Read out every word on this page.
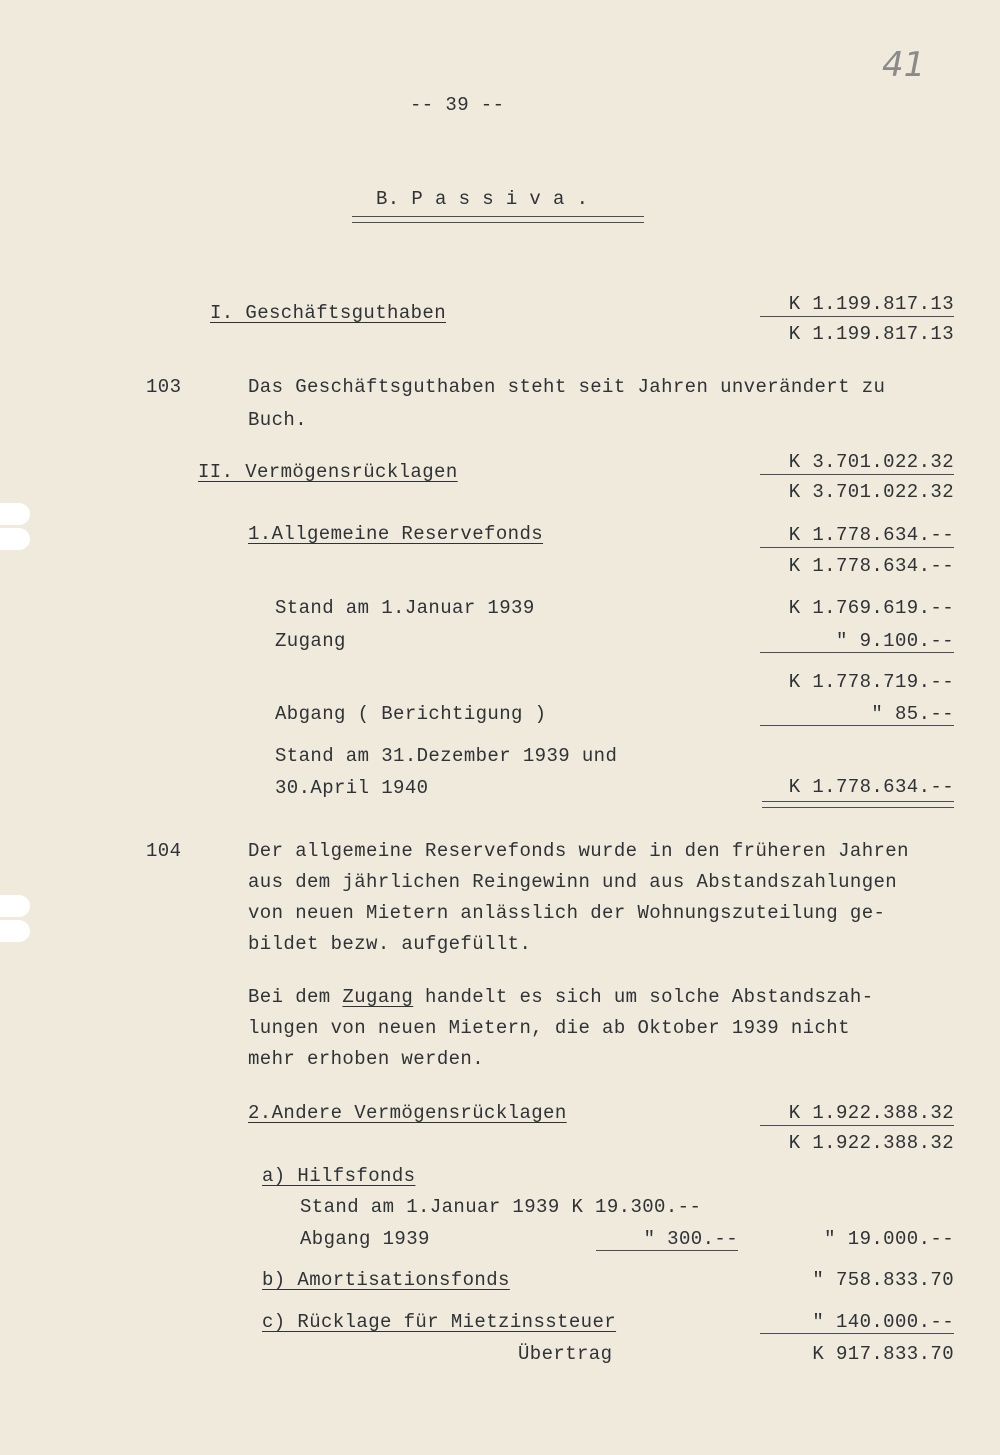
41
-- 39 --
B. P a s s i v a .
I. Geschäftsguthaben	K 1.199.817.13
K 1.199.817.13
103	Das Geschäftsguthaben steht seit Jahren unverändert zu
Buch.
II. Vermögensrücklagen	K 3.701.022.32
K 3.701.022.32
1.Allgemeine Reservefonds	K 1.778.634.--
K 1.778.634.--
Stand am 1.Januar 1939	K 1.769.619.--
Zugang	" 9.100.--
K 1.778.719.--
Abgang ( Berichtigung )	" 85.--
Stand am 31.Dezember 1939 und
30.April 1940	K 1.778.634.--
104	Der allgemeine Reservefonds wurde in den früheren Jahren
aus dem jährlichen Reingewinn und aus Abstandszahlungen
von neuen Mietern anlässlich der Wohnungszuteilung ge-
bildet bezw. aufgefüllt.
Bei dem Zugang handelt es sich um solche Abstandszah-
lungen von neuen Mietern, die ab Oktober 1939 nicht
mehr erhoben werden.
2.Andere Vermögensrücklagen	K 1.922.388.32
K 1.922.388.32
a) Hilfsfonds
Stand am 1.Januar 1939 K 19.300.--
Abgang 1939	" 300.--	" 19.000.--
b) Amortisationsfonds	" 758.833.70
c) Rücklage für Mietzinssteuer	" 140.000.--
Übertrag	K 917.833.70
